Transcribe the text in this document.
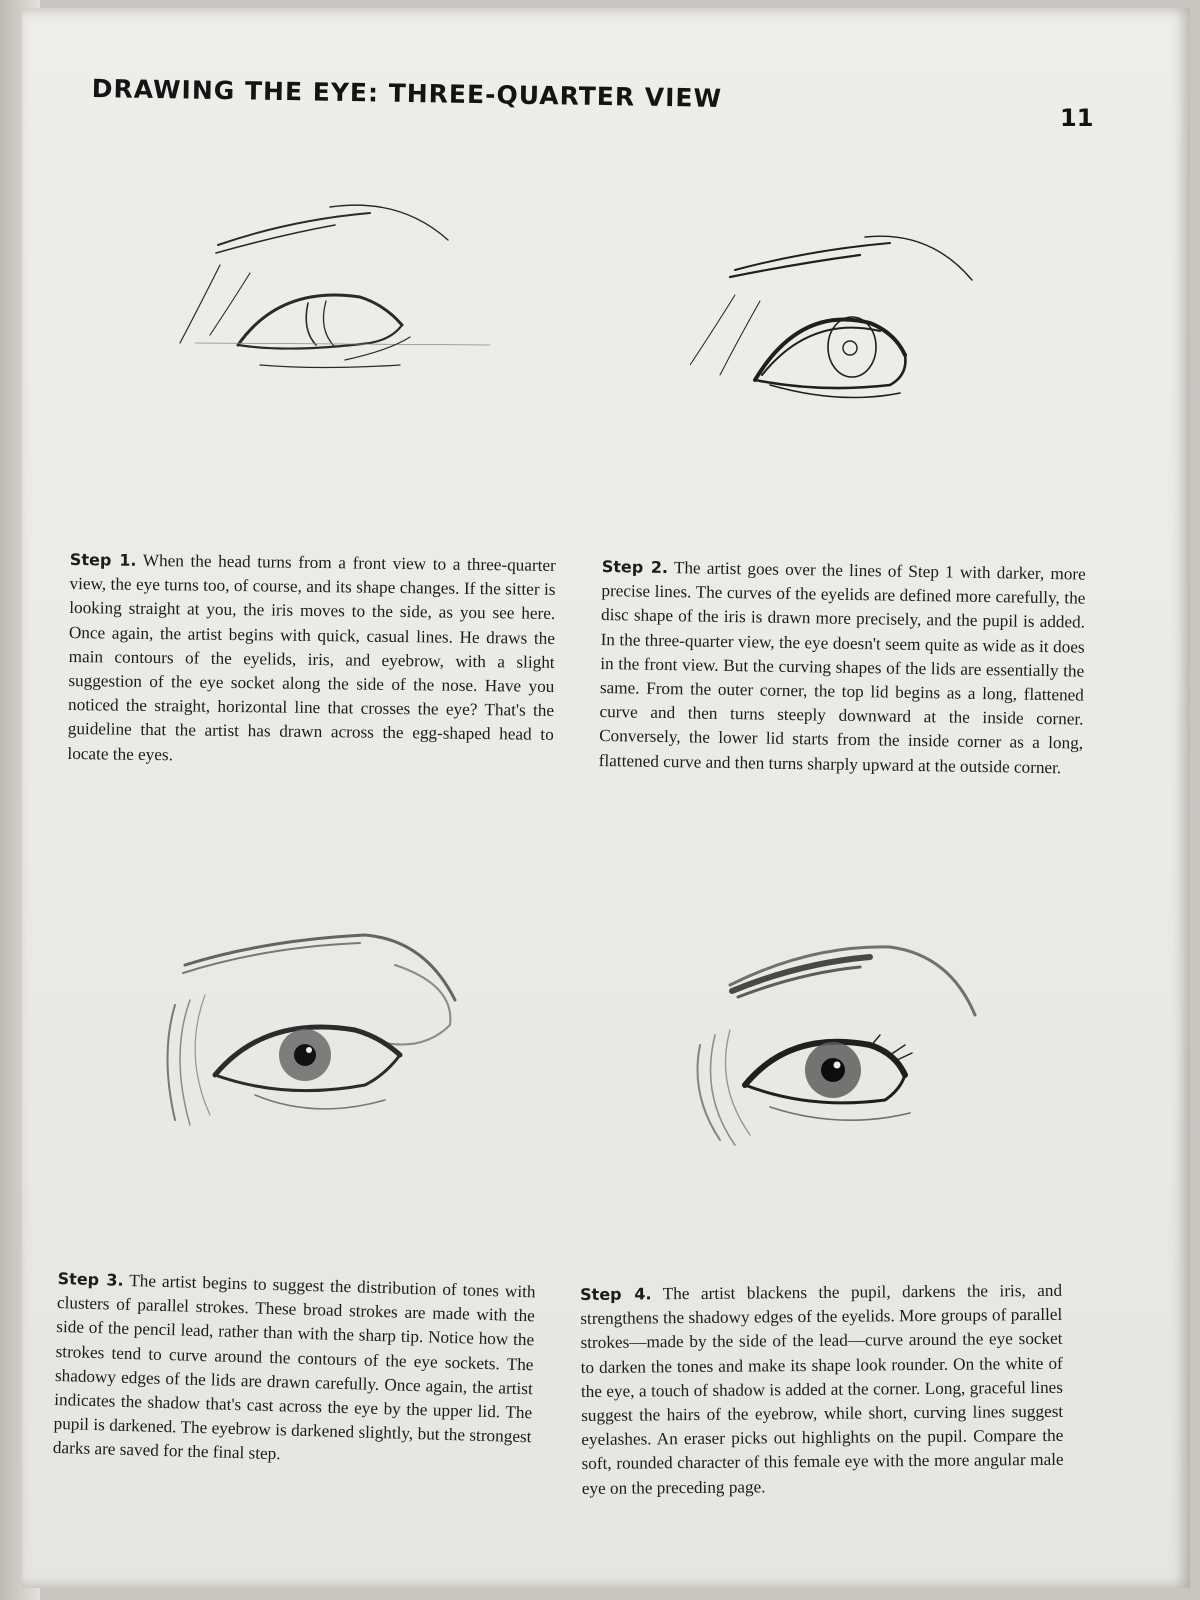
DRAWING THE EYE: THREE-QUARTER VIEW
11
Step 1. When the head turns from a front view to a three-quarter view, the eye turns too, of course, and its shape changes. If the sitter is looking straight at you, the iris moves to the side, as you see here. Once again, the artist begins with quick, casual lines. He draws the main contours of the eyelids, iris, and eyebrow, with a slight suggestion of the eye socket along the side of the nose. Have you noticed the straight, horizontal line that crosses the eye? That's the guideline that the artist has drawn across the egg-shaped head to locate the eyes.
Step 2. The artist goes over the lines of Step 1 with darker, more precise lines. The curves of the eyelids are defined more carefully, the disc shape of the iris is drawn more precisely, and the pupil is added. In the three-quarter view, the eye doesn't seem quite as wide as it does in the front view. But the curving shapes of the lids are essentially the same. From the outer corner, the top lid begins as a long, flattened curve and then turns steeply downward at the inside corner. Conversely, the lower lid starts from the inside corner as a long, flattened curve and then turns sharply upward at the outside corner.
Step 3. The artist begins to suggest the distribution of tones with clusters of parallel strokes. These broad strokes are made with the side of the pencil lead, rather than with the sharp tip. Notice how the strokes tend to curve around the contours of the eye sockets. The shadowy edges of the lids are drawn carefully. Once again, the artist indicates the shadow that's cast across the eye by the upper lid. The pupil is darkened. The eyebrow is darkened slightly, but the strongest darks are saved for the final step.
Step 4. The artist blackens the pupil, darkens the iris, and strengthens the shadowy edges of the eyelids. More groups of parallel strokes—made by the side of the lead—curve around the eye socket to darken the tones and make its shape look rounder. On the white of the eye, a touch of shadow is added at the corner. Long, graceful lines suggest the hairs of the eyebrow, while short, curving lines suggest eyelashes. An eraser picks out highlights on the pupil. Compare the soft, rounded character of this female eye with the more angular male eye on the preceding page.
